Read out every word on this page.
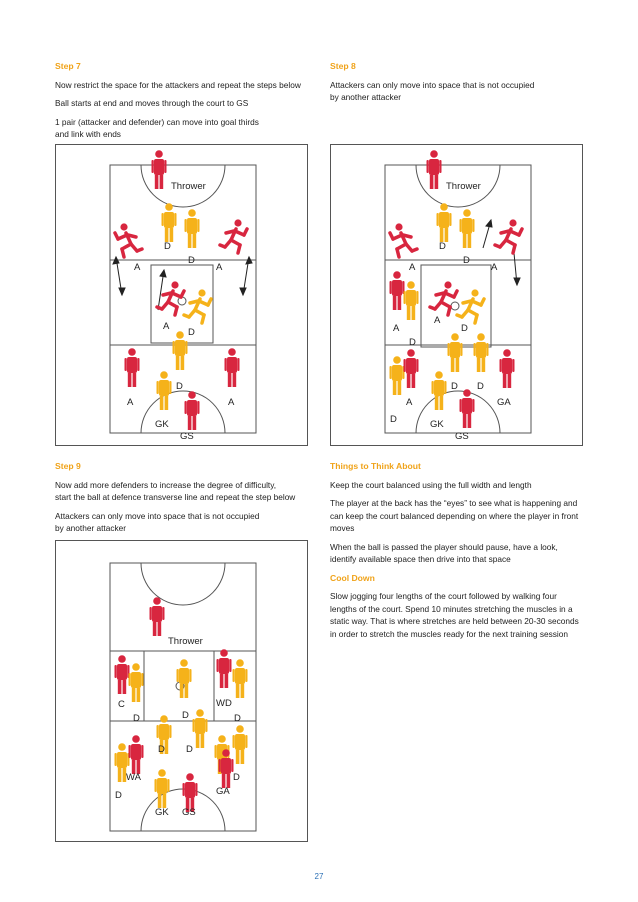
Step 7
Now restrict the space for the attackers and repeat the steps below
Ball starts at end and moves through the court to GS
1 pair (attacker and defender) can move into goal thirds
and link with ends
Step 8
Attackers can only move into space that is not occupied
by another attacker
Thrower
D
D
A	A
A
D
D
A	A
GK
GS
Thrower
D
A
D
A
A
A
D
D
D D
A	GA
D	GK
GS
Step 9
Now add more defenders to increase the degree of difficulty,
start the ball at defence transverse line and repeat the step below
Attackers can only move into space that is not occupied
by another attacker
Things to Think About
Keep the court balanced using the full width and length
The player at the back has the “eyes” to see what is happening and can keep the court balanced depending on where the player in front moves
When the ball is passed the player should pause, have a look, identify available space then drive into that space
Cool Down
Slow jogging four lengths of the court followed by walking four lengths of the court. Spend 10 minutes stretching the muscles in a static way. That is where stretches are held between 20-30 seconds in order to stretch the muscles ready for the next training session
Thrower
C	WD
D	D	D
D D
WA
D	GA
D
GK GS
27
